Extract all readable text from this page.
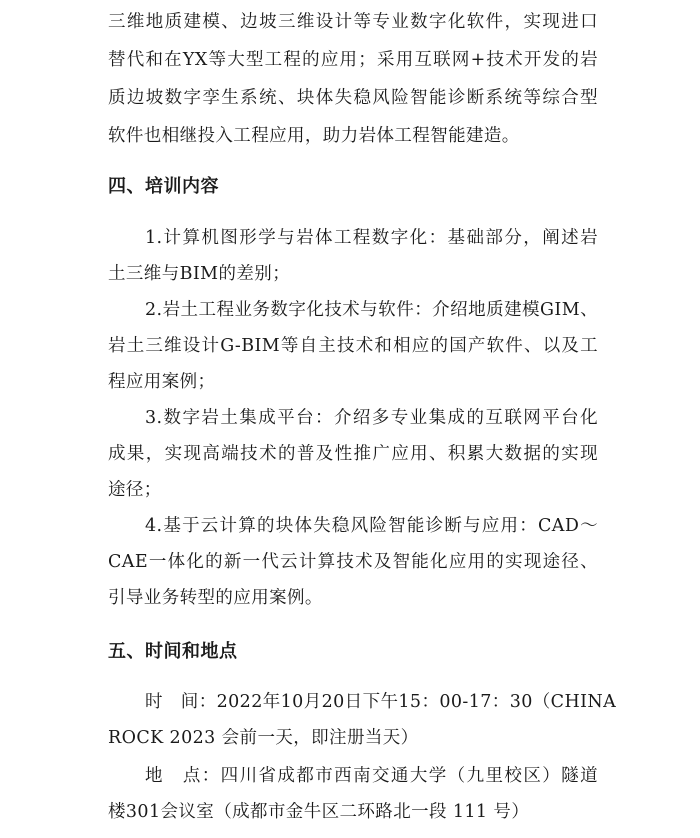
三维地质建模、边坡三维设计等专业数字化软件，实现进口
替代和在YX等大型工程的应用；采用互联网+技术开发的岩
质边坡数字孪生系统、块体失稳风险智能诊断系统等综合型
软件也相继投入工程应用，助力岩体工程智能建造。
四、培训内容
1.计算机图形学与岩体工程数字化：基础部分，阐述岩
土三维与BIM的差别；
2.岩土工程业务数字化技术与软件：介绍地质建模GIM、
岩土三维设计G-BIM等自主技术和相应的国产软件、以及工
程应用案例；
3.数字岩土集成平台：介绍多专业集成的互联网平台化
成果，实现高端技术的普及性推广应用、积累大数据的实现
途径；
4.基于云计算的块体失稳风险智能诊断与应用：CAD～
CAE一体化的新一代云计算技术及智能化应用的实现途径、
引导业务转型的应用案例。
五、时间和地点
时　间：2022年10月20日下午15：00-17：30（CHINA
ROCK 2023 会前一天，即注册当天）
地　点：四川省成都市西南交通大学（九里校区）隧道
楼301会议室（成都市金牛区二环路北一段 111 号）
